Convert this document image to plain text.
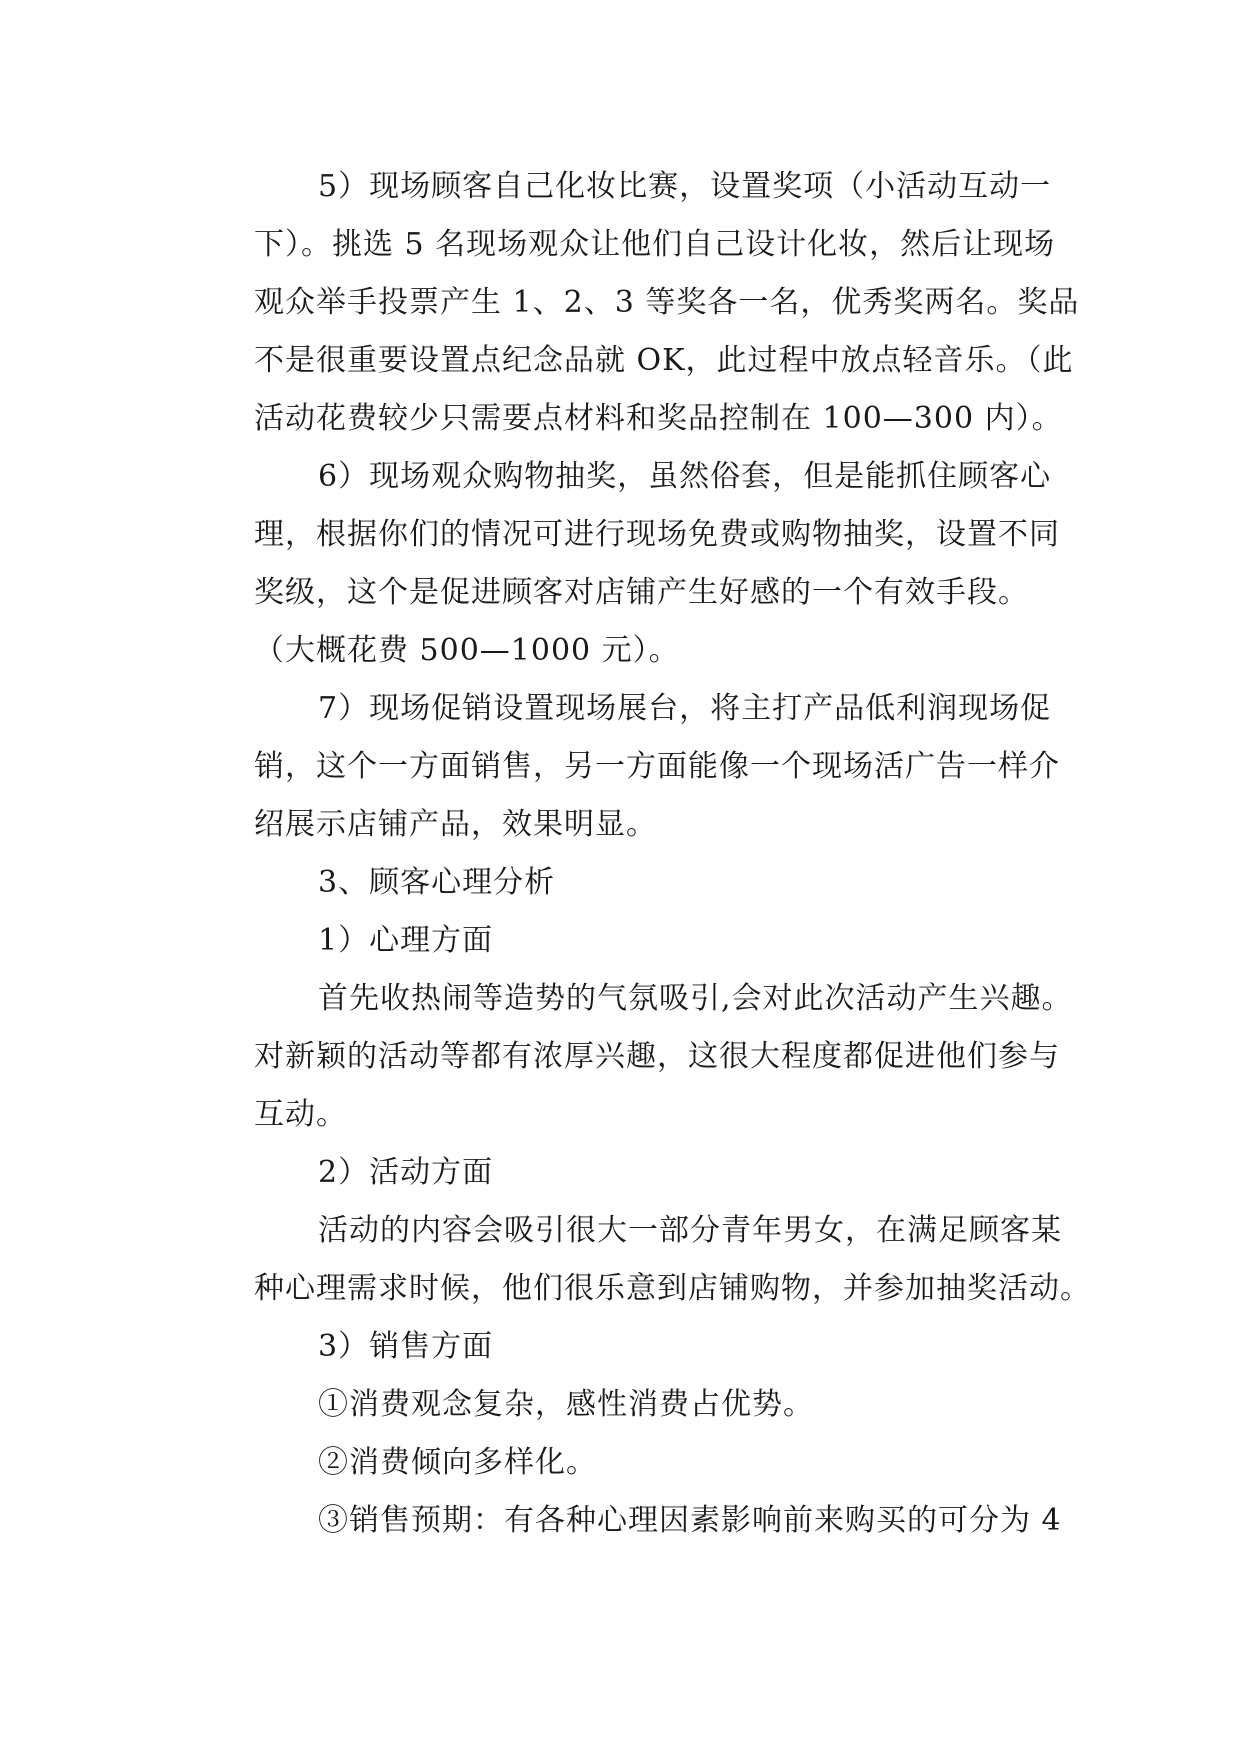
5）现场顾客自己化妆比赛，设置奖项（小活动互动一
下）。挑选 5 名现场观众让他们自己设计化妆，然后让现场
观众举手投票产生 1、2、3 等奖各一名，优秀奖两名。奖品
不是很重要设置点纪念品就 OK，此过程中放点轻音乐。（此
活动花费较少只需要点材料和奖品控制在 100—300 内）。
6）现场观众购物抽奖，虽然俗套，但是能抓住顾客心
理，根据你们的情况可进行现场免费或购物抽奖，设置不同
奖级，这个是促进顾客对店铺产生好感的一个有效手段。
（大概花费 500—1000 元）。
7）现场促销设置现场展台，将主打产品低利润现场促
销，这个一方面销售，另一方面能像一个现场活广告一样介
绍展示店铺产品，效果明显。
3、顾客心理分析
1）心理方面
首先收热闹等造势的气氛吸引,会对此次活动产生兴趣。
对新颖的活动等都有浓厚兴趣，这很大程度都促进他们参与
互动。
2）活动方面
活动的内容会吸引很大一部分青年男女，在满足顾客某
种心理需求时候，他们很乐意到店铺购物，并参加抽奖活动。
3）销售方面
①消费观念复杂，感性消费占优势。
②消费倾向多样化。
③销售预期：有各种心理因素影响前来购买的可分为 4
